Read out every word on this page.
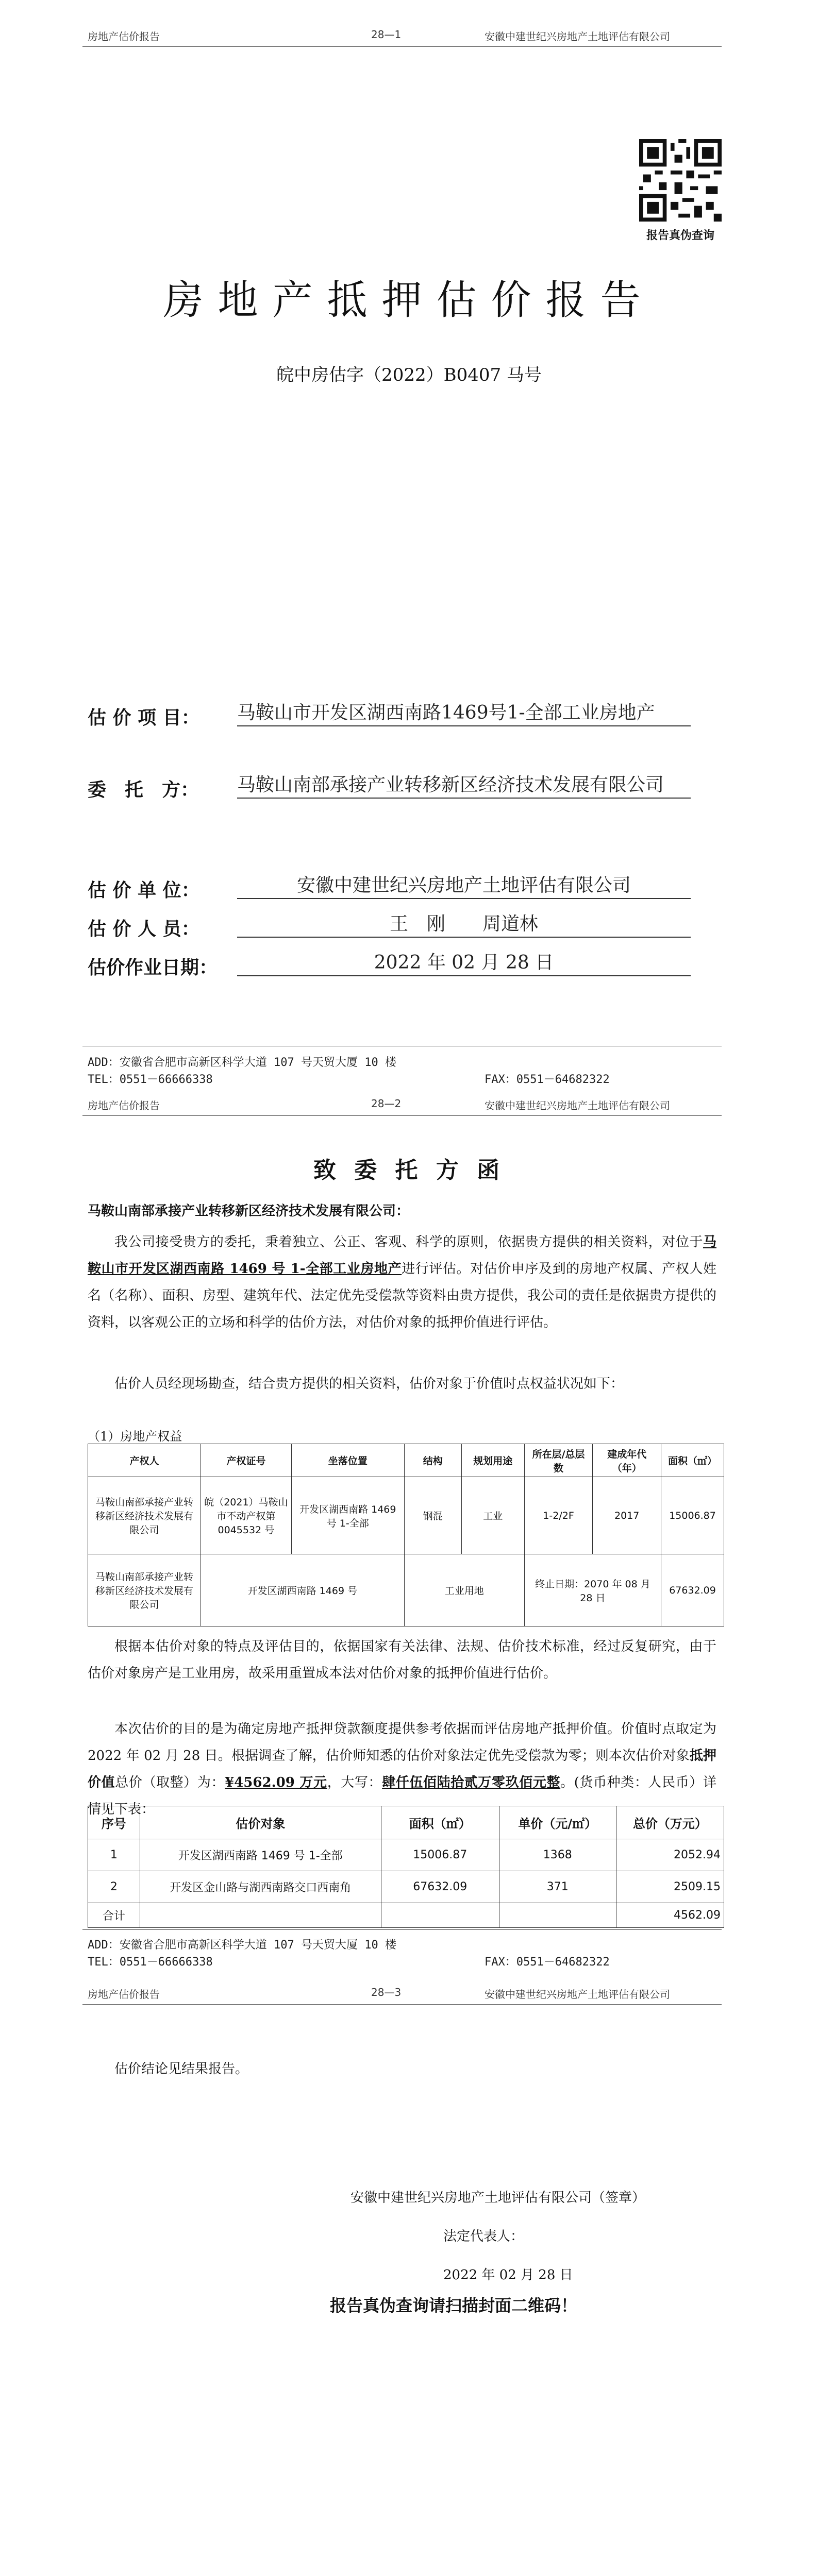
房地产估价报告	28—1	安徽中建世纪兴房地产土地评估有限公司
报告真伪查询
房地产抵押估价报告
皖中房估字（2022）B0407 马号
估 价 项 目： 马鞍山市开发区湖西南路1469号1-全部工业房地产
委　托　方： 马鞍山南部承接产业转移新区经济技术发展有限公司
估 价 单 位：	安徽中建世纪兴房地产土地评估有限公司
估 价 人 员：	王　刚　　周道林
估价作业日期：	2022 年 02 月 28 日
ADD：安徽省合肥市高新区科学大道 107 号天贸大厦 10 楼
TEL：0551－66666338	FAX：0551－64682322
房地产估价报告	28—2	安徽中建世纪兴房地产土地评估有限公司
致 委 托 方 函
马鞍山南部承接产业转移新区经济技术发展有限公司：
我公司接受贵方的委托，秉着独立、公正、客观、科学的原则，依据贵方提供的相关资料，对位于马鞍山市开发区湖西南路 1469 号 1-全部工业房地产进行评估。对估价申序及到的房地产权属、产权人姓名（名称）、面积、房型、建筑年代、法定优先受偿款等资料由贵方提供，我公司的责任是依据贵方提供的资料，以客观公正的立场和科学的估价方法，对估价对象的抵押价值进行评估。
估价人员经现场勘查，结合贵方提供的相关资料，估价对象于价值时点权益状况如下：
（1）房地产权益
产权人	产权证号	坐落位置	结构	规划用途	所在层/总层数	建成年代（年）	面积（㎡）
马鞍山南部承接产业转移新区经济技术发展有限公司	皖（2021）马鞍山市不动产权第 0045532 号	开发区湖西南路 1469 号 1-全部	钢混	工业	1-2/2F	2017	15006.87
马鞍山南部承接产业转移新区经济技术发展有限公司	开发区湖西南路 1469 号		工业用地		终止日期：2070 年 08 月 28 日		67632.09
根据本估价对象的特点及评估目的，依据国家有关法律、法规、估价技术标准，经过反复研究，由于估价对象房产是工业用房，故采用重置成本法对估价对象的抵押价值进行估价。
本次估价的目的是为确定房地产抵押贷款额度提供参考依据而评估房地产抵押价值。价值时点取定为 2022 年 02 月 28 日。根据调查了解，估价师知悉的估价对象法定优先受偿款为零；则本次估价对象抵押价值总价（取整）为：¥4562.09 万元，大写：肆仟伍佰陆拾贰万零玖佰元整。(货币种类：人民币）详情见下表：
序号	估价对象	面积（㎡）	单价（元/㎡）	总价（万元）
1	开发区湖西南路 1469 号 1-全部	15006.87	1368	2052.94
2	开发区金山路与湖西南路交口西南角	67632.09	371	2509.15
合计				4562.09
ADD：安徽省合肥市高新区科学大道 107 号天贸大厦 10 楼
TEL：0551－66666338	FAX：0551－64682322
房地产估价报告	28—3	安徽中建世纪兴房地产土地评估有限公司
估价结论见结果报告。
安徽中建世纪兴房地产土地评估有限公司（签章）
法定代表人：
2022 年 02 月 28 日
报告真伪查询请扫描封面二维码！
